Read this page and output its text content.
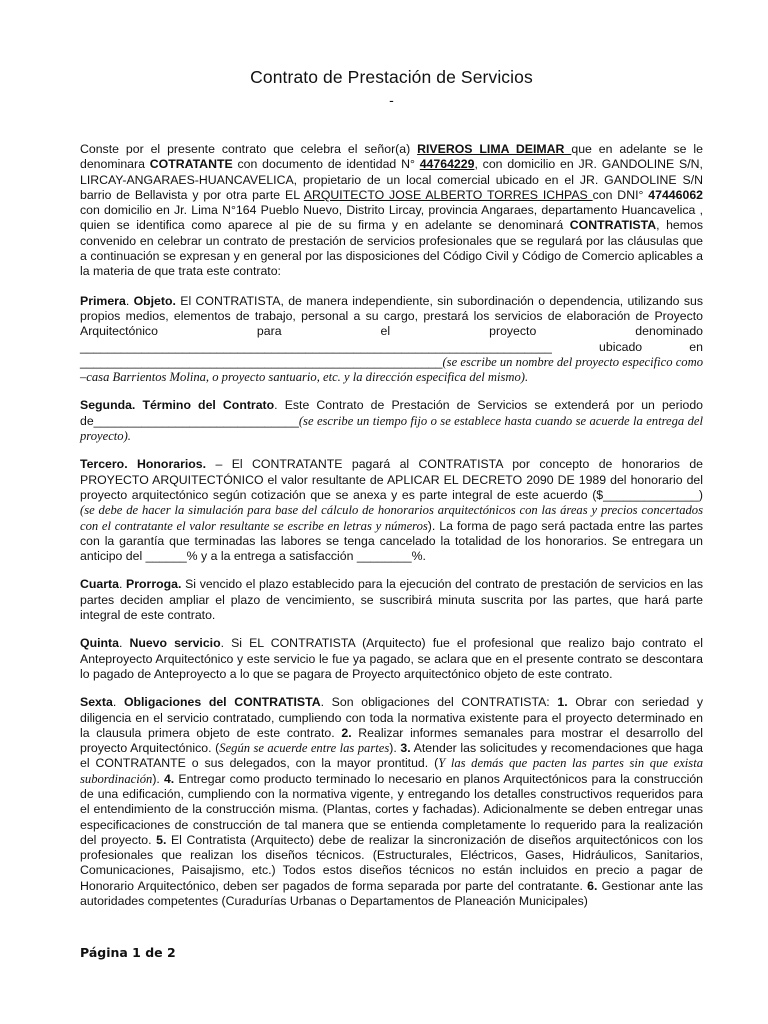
Contrato de Prestación de Servicios
-

Conste por el presente contrato que celebra el señor(a) RIVEROS LIMA DEIMAR que en adelante se le denominara COTRATANTE con documento de identidad N° 44764229, con domicilio en JR. GANDOLINE S/N, LIRCAY-ANGARAES-HUANCAVELICA, propietario de un local comercial ubicado en el JR. GANDOLINE S/N barrio de Bellavista y por otra parte EL ARQUITECTO JOSE ALBERTO TORRES ICHPAS con DNI° 47446062 con domicilio en Jr. Lima N°164 Pueblo Nuevo, Distrito Lircay, provincia Angaraes, departamento Huancavelica , quien se identifica como aparece al pie de su firma y en adelante se denominará CONTRATISTA, hemos convenido en celebrar un contrato de prestación de servicios profesionales que se regulará por las cláusulas que a continuación se expresan y en general por las disposiciones del Código Civil y Código de Comercio aplicables a la materia de que trata este contrato:

Primera. Objeto. El CONTRATISTA, de manera independiente, sin subordinación o dependencia, utilizando sus propios medios, elementos de trabajo, personal a su cargo, prestará los servicios de elaboración de Proyecto Arquitectónico para el proyecto denominado _____________________________________________________________________ ubicado en _____________________________________________________(se escribe un nombre del proyecto especifico como –casa Barrientos Molina, o proyecto santuario, etc. y la dirección especifica del mismo).

Segunda. Término del Contrato. Este Contrato de Prestación de Servicios se extenderá por un periodo de______________________________(se escribe un tiempo fijo o se establece hasta cuando se acuerde la entrega del proyecto).

Tercero. Honorarios. – El CONTRATANTE pagará al CONTRATISTA por concepto de honorarios de PROYECTO ARQUITECTÓNICO el valor resultante de APLICAR EL DECRETO 2090 DE 1989 del honorario del proyecto arquitectónico según cotización que se anexa y es parte integral de este acuerdo ($______________) (se debe de hacer la simulación para base del cálculo de honorarios arquitectónicos con las áreas y precios concertados con el contratante el valor resultante se escribe en letras y números). La forma de pago será pactada entre las partes con la garantía que terminadas las labores se tenga cancelado la totalidad de los honorarios. Se entregara un anticipo del ______% y a la entrega a satisfacción ________%.

Cuarta. Prorroga. Si vencido el plazo establecido para la ejecución del contrato de prestación de servicios en las partes deciden ampliar el plazo de vencimiento, se suscribirá minuta suscrita por las partes, que hará parte integral de este contrato.

Quinta. Nuevo servicio. Si EL CONTRATISTA (Arquitecto) fue el profesional que realizo bajo contrato el Anteproyecto Arquitectónico y este servicio le fue ya pagado, se aclara que en el presente contrato se descontara lo pagado de Anteproyecto a lo que se pagara de Proyecto arquitectónico objeto de este contrato.

Sexta. Obligaciones del CONTRATISTA. Son obligaciones del CONTRATISTA: 1. Obrar con seriedad y diligencia en el servicio contratado, cumpliendo con toda la normativa existente para el proyecto determinado en la clausula primera objeto de este contrato. 2. Realizar informes semanales para mostrar el desarrollo del proyecto Arquitectónico. (Según se acuerde entre las partes). 3. Atender las solicitudes y recomendaciones que haga el CONTRATANTE o sus delegados, con la mayor prontitud. (Y las demás que pacten las partes sin que exista subordinación). 4. Entregar como producto terminado lo necesario en planos Arquitectónicos para la construcción de una edificación, cumpliendo con la normativa vigente, y entregando los detalles constructivos requeridos para el entendimiento de la construcción misma. (Plantas, cortes y fachadas). Adicionalmente se deben entregar unas especificaciones de construcción de tal manera que se entienda completamente lo requerido para la realización del proyecto. 5. El Contratista (Arquitecto) debe de realizar la sincronización de diseños arquitectónicos con los profesionales que realizan los diseños técnicos. (Estructurales, Eléctricos, Gases, Hidráulicos, Sanitarios, Comunicaciones, Paisajismo, etc.) Todos estos diseños técnicos no están incluidos en precio a pagar de Honorario Arquitectónico, deben ser pagados de forma separada por parte del contratante. 6. Gestionar ante las autoridades competentes (Curadurías Urbanas o Departamentos de Planeación Municipales)

Página 1 de 2
